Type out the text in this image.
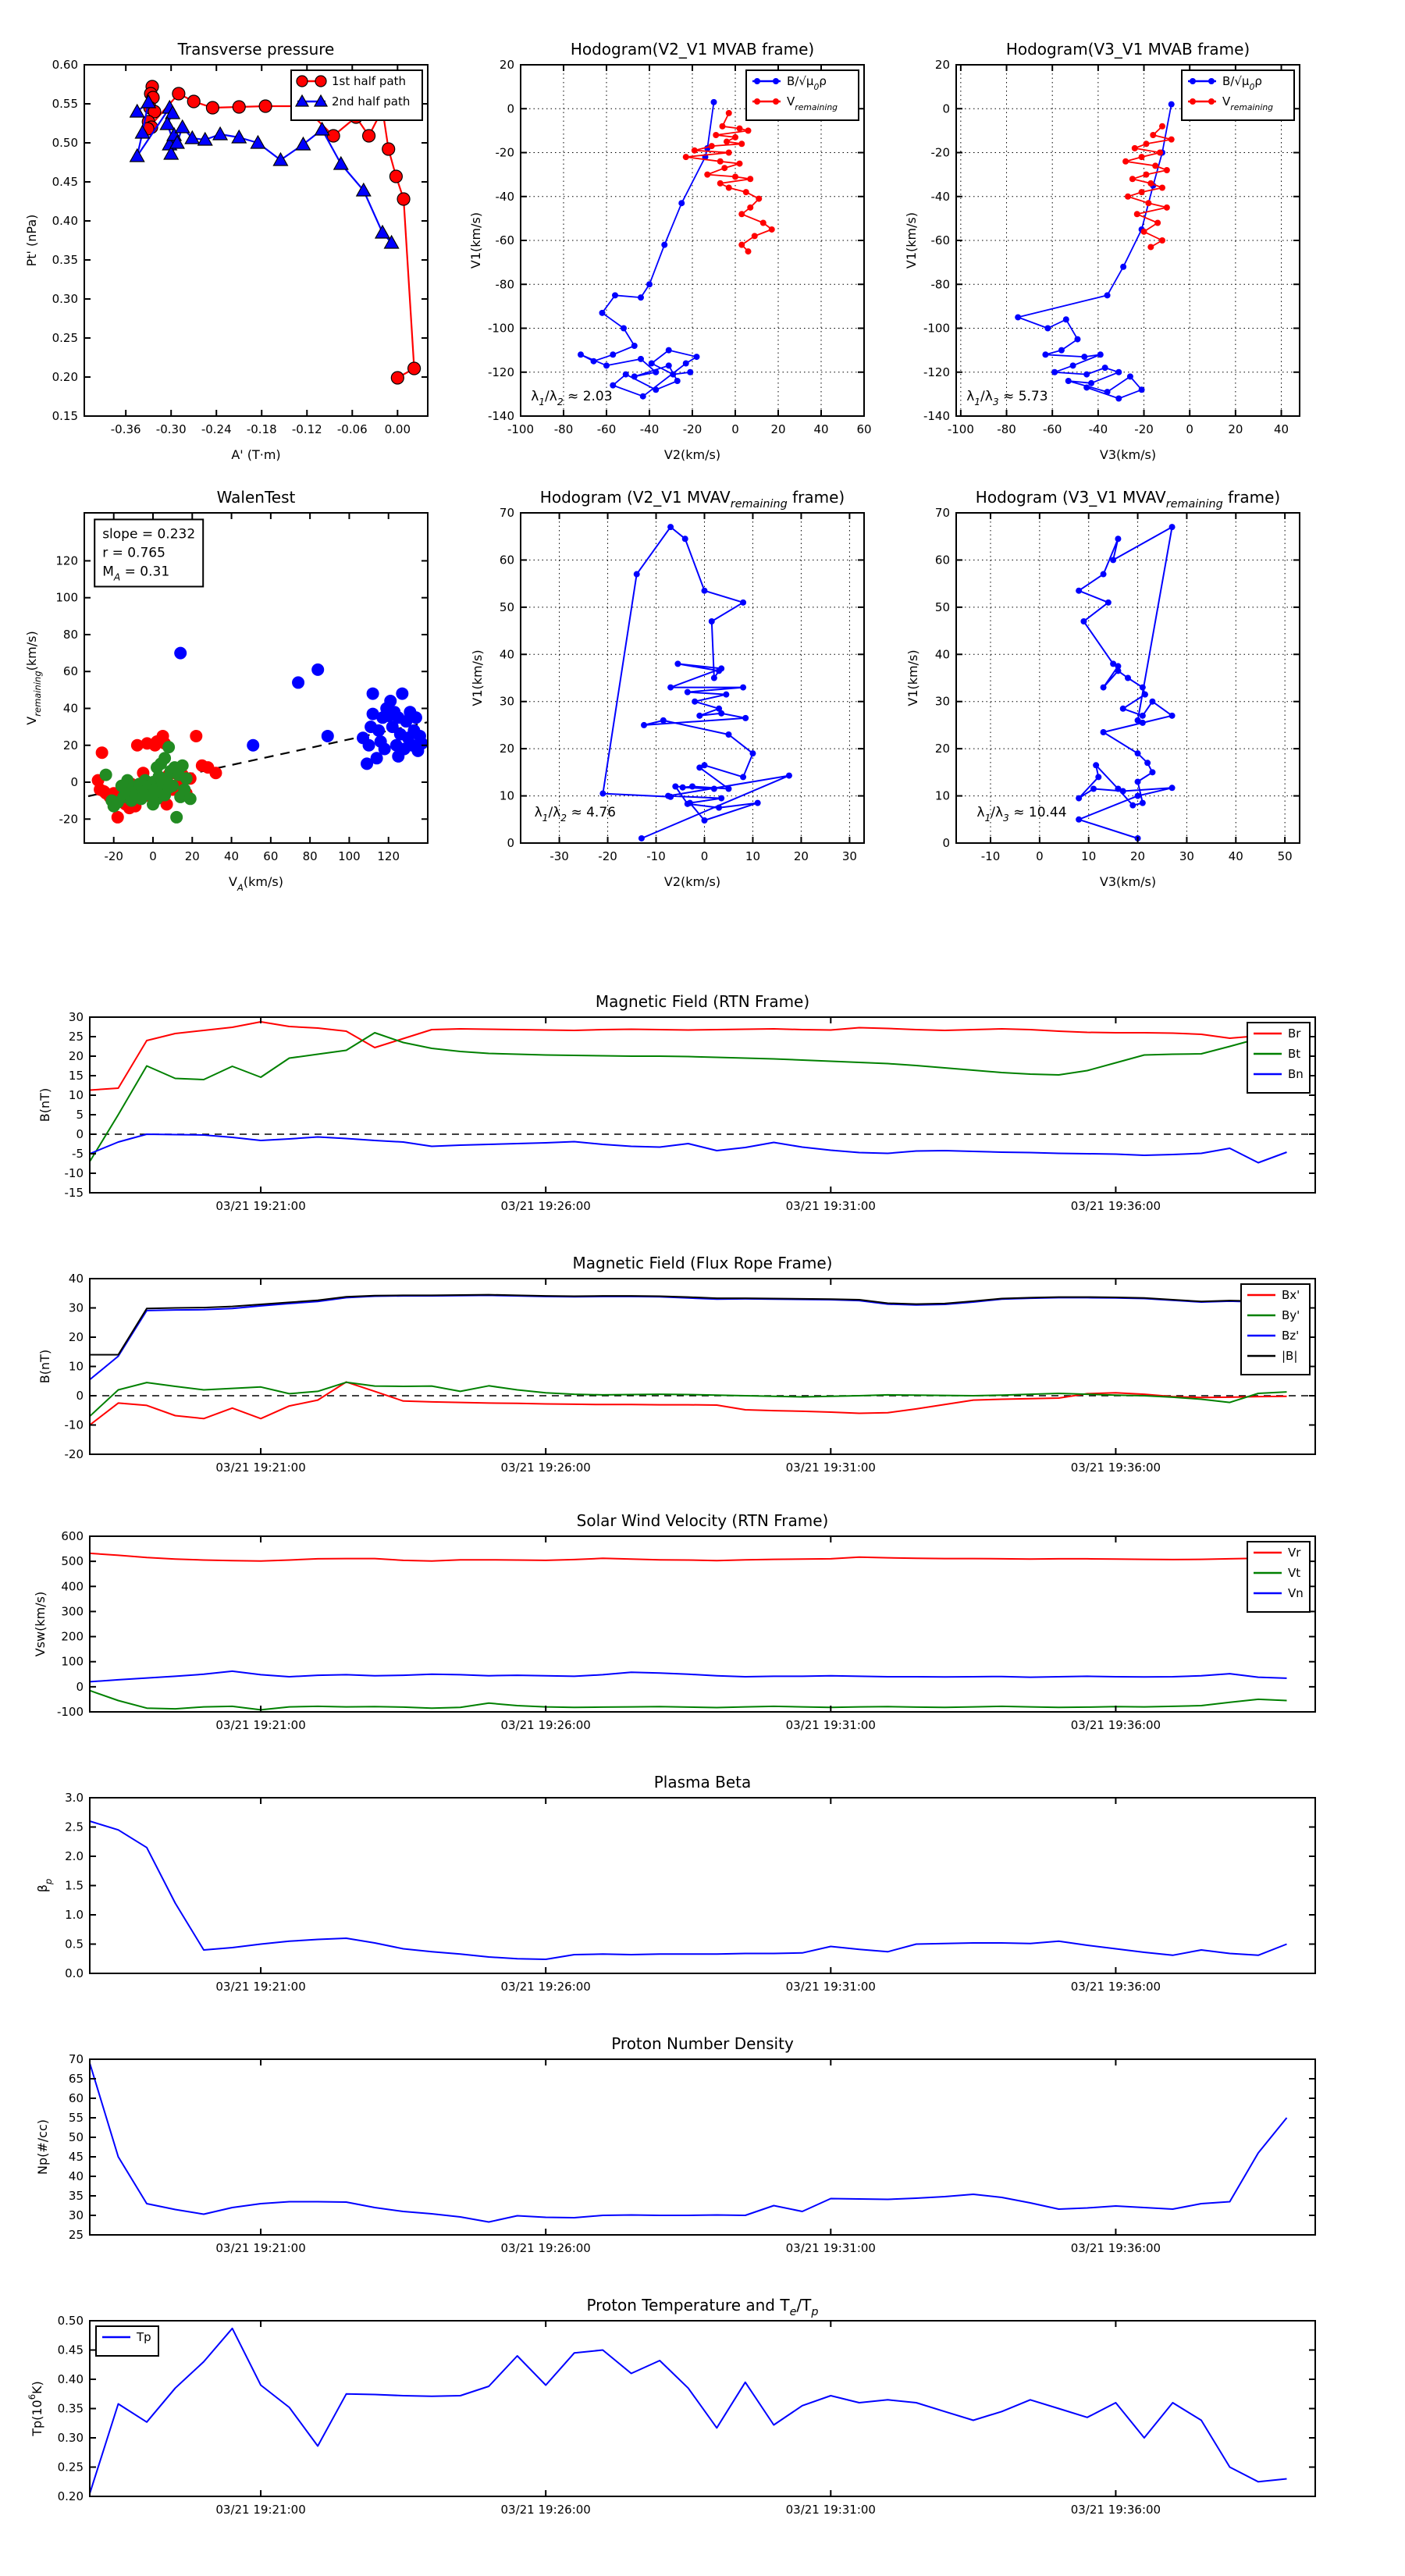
-0.36 -0.30 -0.24 -0.18 -0.12 -0.06 0.00
0.15
0.20
0.25
0.30
0.35
0.40
0.45
0.50
0.55
0.60
Transverse pressure
A' (T·m)
Pt' (nPa)
1st half path
2nd half path
-100 -80 -60 -40 -20	0	20 40 60
-140
-120
-100
-80
-60
-40
-20
0
20
Hodogram(V2_V1 MVAB frame)
V2(km/s)
V1(km/s)
$\lambda_1/\lambda_2 \approx 2.03$
$B/√\mu_0\rho$
$V_{remaining}$
-100 -80 -60 -40 -20	0	20	40
-140
-120
-100
-80
-60
-40
-20
0
20
Hodogram(V3_V1 MVAB frame)
V3(km/s)
V1(km/s)
$\lambda_1/\lambda_3 \approx 5.73$
$B/√\mu_0\rho$
$V_{remaining}$
-20 0 20 40 60 80 100 120
-20
0
20
40
60
80
100
120
WalenTest
$V_A(km/s)$
$V_{remaining}(km/s)$
slope = 0.232
r = 0.765
$M_A = 0.31$
-30 -20 -10	0	10	20	30
0
10
20
30
40
50
60
70
Hodogram (V2_V1 $MVAV_{remaining}$ frame)
V2(km/s)
V1(km/s)
$\lambda_1/\lambda_2 \approx 4.76$
-10	0	10	20	30	40	50
0
10
20
30
40
50
60
70
Hodogram (V3_V1 $MVAV_{remaining}$ frame)
V3(km/s)
V1(km/s)
$\lambda_1/\lambda_3 \approx 10.44$
03/21 19:21:00	03/21 19:26:00	03/21 19:31:00	03/21 19:36:00
-15
-10
-5
0
5
10
15
20
25
30
Magnetic Field (RTN Frame)
B(nT)
Br
Bt
Bn
03/21 19:21:00	03/21 19:26:00	03/21 19:31:00	03/21 19:36:00
-20
-10
0
10
20
30
40
Magnetic Field (Flux Rope Frame)
B(nT)
Bx'
By'
Bz'
|B|
03/21 19:21:00	03/21 19:26:00	03/21 19:31:00	03/21 19:36:00
-100
0
100
200
300
400
500
600
Solar Wind Velocity (RTN Frame)
Vsw(km/s)
Vr
Vt
Vn
03/21 19:21:00	03/21 19:26:00	03/21 19:31:00	03/21 19:36:00
0.0
0.5
1.0
1.5
2.0
2.5
3.0
Plasma Beta
$\beta_p$
03/21 19:21:00	03/21 19:26:00	03/21 19:31:00	03/21 19:36:00
25
30
35
40
45
50
55
60
65
70
Proton Number Density
Np(#/cc)
03/21 19:21:00	03/21 19:26:00	03/21 19:31:00	03/21 19:36:00
0.20
0.25
0.30
0.35
0.40
0.45
0.50
Proton Temperature and $T_e/T_p$
$Tp(10^6K)$
Tp
